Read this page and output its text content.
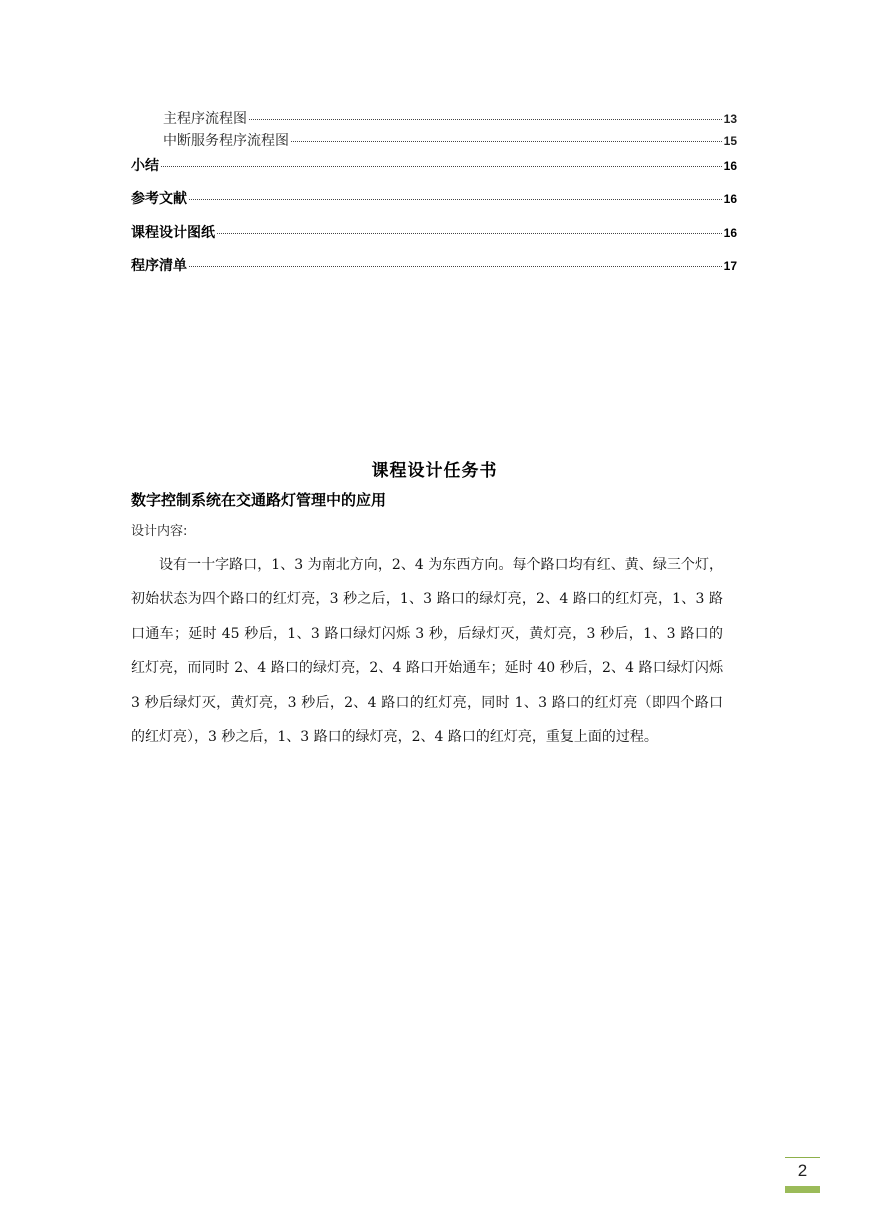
主程序流程图	13
中断服务程序流程图	15
小结	16
参考文献	16
课程设计图纸	16
程序清单	17
课程设计任务书
数字控制系统在交通路灯管理中的应用
设计内容:

设有一十字路口，1、3 为南北方向，2、4 为东西方向。每个路口均有红、黄、绿三个灯，初始状态为四个路口的红灯亮，3 秒之后，1、3 路口的绿灯亮，2、4 路口的红灯亮，1、3 路口通车；延时 45 秒后，1、3 路口绿灯闪烁 3 秒，后绿灯灭，黄灯亮，3 秒后，1、3 路口的红灯亮，而同时 2、4 路口的绿灯亮，2、4 路口开始通车；延时 40 秒后，2、4 路口绿灯闪烁 3 秒后绿灯灭，黄灯亮，3 秒后，2、4 路口的红灯亮，同时 1、3 路口的红灯亮（即四个路口的红灯亮），3 秒之后，1、3 路口的绿灯亮，2、4 路口的红灯亮，重复上面的过程。

2
